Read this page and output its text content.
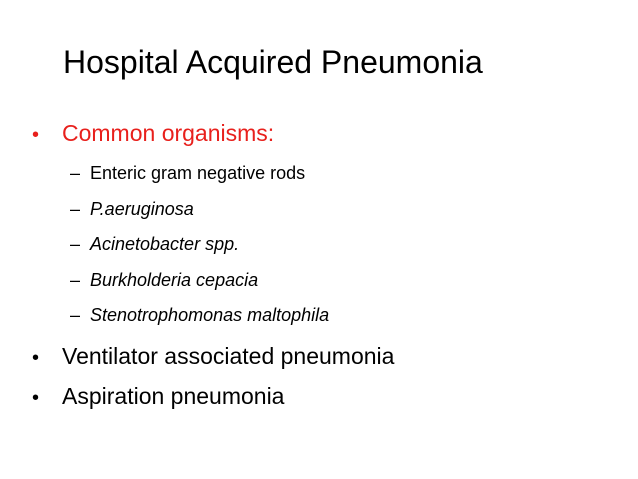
Hospital Acquired Pneumonia
• Common organisms:
– Enteric gram negative rods
– P.aeruginosa
– Acinetobacter spp.
– Burkholderia cepacia
– Stenotrophomonas maltophila
• Ventilator associated pneumonia
• Aspiration pneumonia
